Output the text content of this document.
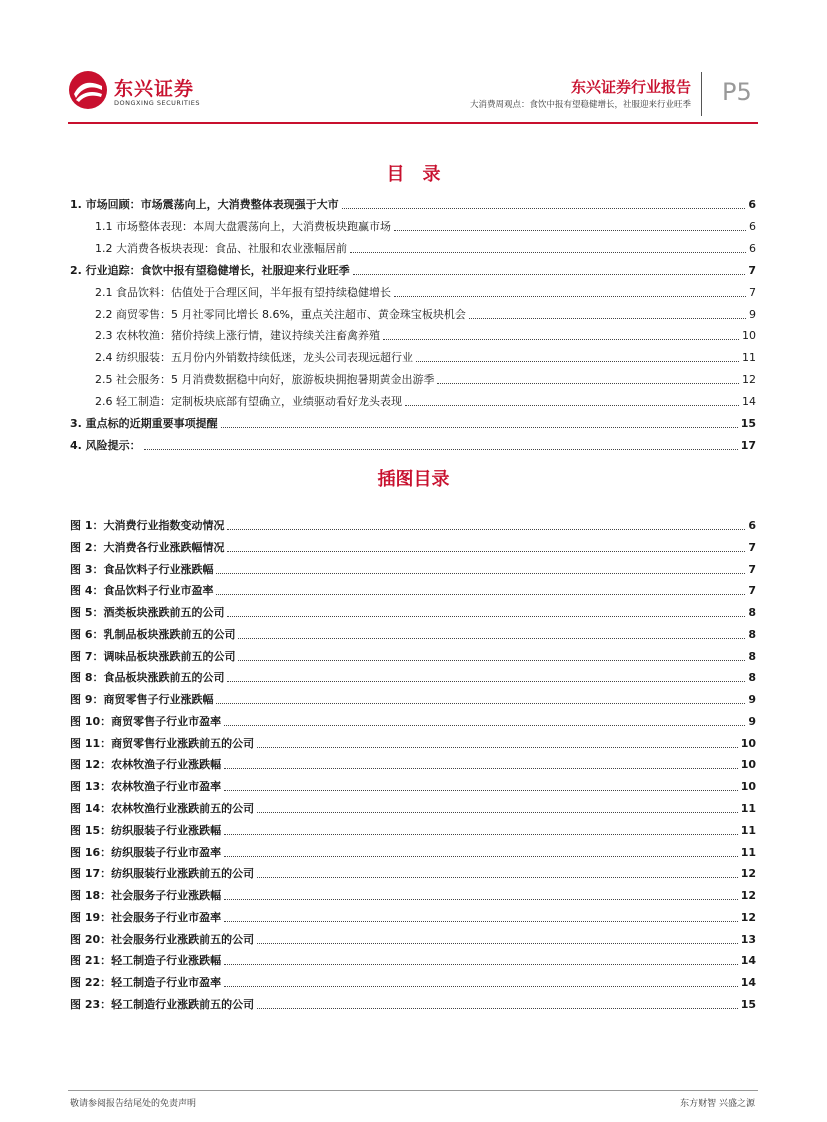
东兴证券
DONGXING SECURITIES
东兴证券行业报告
大消费周观点：食饮中报有望稳健增长，社服迎来行业旺季 P5
目　录
1. 市场回顾：市场震荡向上，大消费整体表现强于大市	6
1.1 市场整体表现：本周大盘震荡向上，大消费板块跑赢市场	6
1.2 大消费各板块表现：食品、社服和农业涨幅居前	6
2. 行业追踪：食饮中报有望稳健增长，社服迎来行业旺季	7
2.1 食品饮料：估值处于合理区间，半年报有望持续稳健增长	7
2.2 商贸零售：5 月社零同比增长 8.6%，重点关注超市、黄金珠宝板块机会	9
2.3 农林牧渔：猪价持续上涨行情，建议持续关注畜禽养殖	10
2.4 纺织服装：五月份内外销数持续低迷，龙头公司表现远超行业	11
2.5 社会服务：5 月消费数据稳中向好，旅游板块拥抱暑期黄金出游季	12
2.6 轻工制造：定制板块底部有望确立，业绩驱动看好龙头表现	14
3. 重点标的近期重要事项提醒	15
4. 风险提示：	17
插图目录
图 1：大消费行业指数变动情况	6
图 2：大消费各行业涨跌幅情况	7
图 3：食品饮料子行业涨跌幅	7
图 4：食品饮料子行业市盈率	7
图 5：酒类板块涨跌前五的公司	8
图 6：乳制品板块涨跌前五的公司	8
图 7：调味品板块涨跌前五的公司	8
图 8：食品板块涨跌前五的公司	8
图 9：商贸零售子行业涨跌幅	9
图 10：商贸零售子行业市盈率	9
图 11：商贸零售行业涨跌前五的公司	10
图 12：农林牧渔子行业涨跌幅	10
图 13：农林牧渔子行业市盈率	10
图 14：农林牧渔行业涨跌前五的公司	11
图 15：纺织服装子行业涨跌幅	11
图 16：纺织服装子行业市盈率	11
图 17：纺织服装行业涨跌前五的公司	12
图 18：社会服务子行业涨跌幅	12
图 19：社会服务子行业市盈率	12
图 20：社会服务行业涨跌前五的公司	13
图 21：轻工制造子行业涨跌幅	14
图 22：轻工制造子行业市盈率	14
图 23：轻工制造行业涨跌前五的公司	15
敬请参阅报告结尾处的免责声明	东方财智 兴盛之源
